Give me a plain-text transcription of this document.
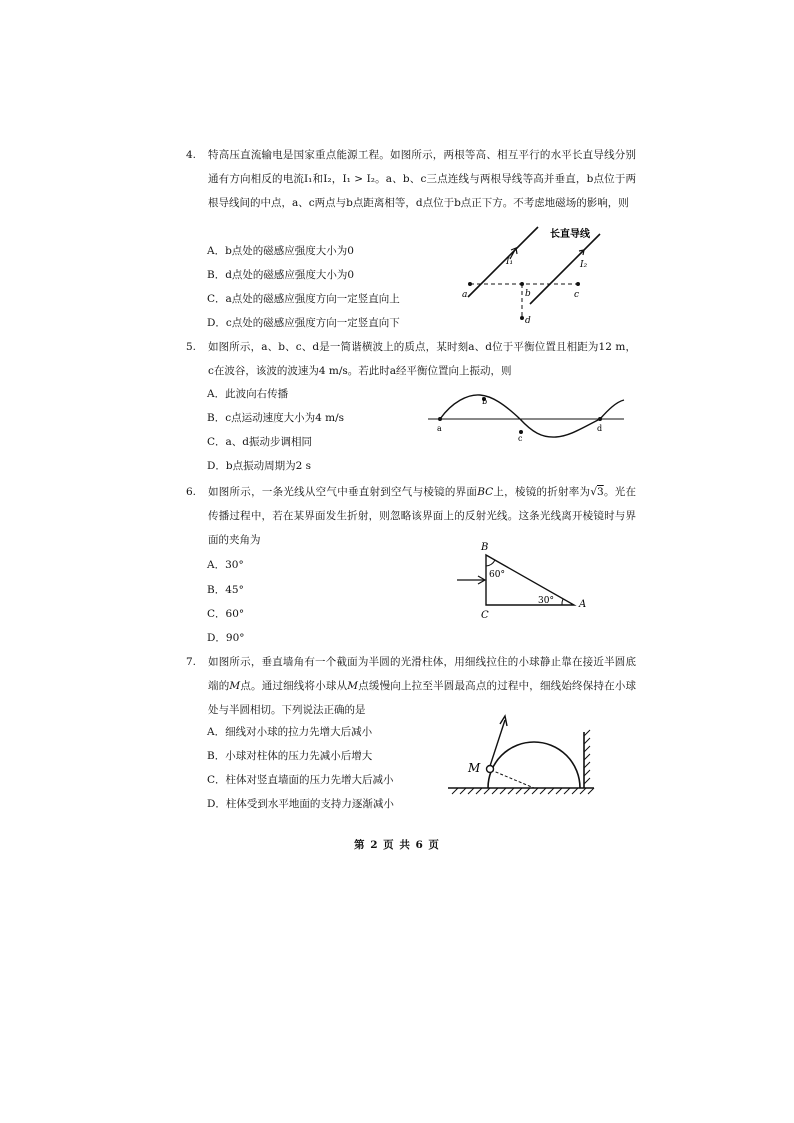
4. 特高压直流输电是国家重点能源工程。如图所示，两根等高、相互平行的水平长直导线分别通有方向相反的电流I₁和I₂，I₁ > I₂。a、b、c三点连线与两根导线等高并垂直，b点位于两根导线间的中点，a、c两点与b点距离相等，d点位于b点正下方。不考虑地磁场的影响，则
A．b点处的磁感应强度大小为0
B．d点处的磁感应强度大小为0
C．a点处的磁感应强度方向一定竖直向上
D．c点处的磁感应强度方向一定竖直向下
长直导线
I₁	I₂
a	b	c
d
5. 如图所示，a、b、c、d是一简谐横波上的质点，某时刻a、d位于平衡位置且相距为12 m，c在波谷，该波的波速为4 m/s。若此时a经平衡位置向上振动，则
A．此波向右传播
B．c点运动速度大小为4 m/s
C．a、d振动步调相同
D．b点振动周期为2 s
a
b
c
d
6. 如图所示，一条光线从空气中垂直射到空气与棱镜的界面BC上，棱镜的折射率为√3。光在传播过程中，若在某界面发生折射，则忽略该界面上的反射光线。这条光线离开棱镜时与界面的夹角为
A．30°
B．45°
C．60°
D．90°
B
C
A
60°
30°
7. 如图所示，垂直墙角有一个截面为半圆的光滑柱体，用细线拉住的小球静止靠在接近半圆底端的M点。通过细线将小球从M点缓慢向上拉至半圆最高点的过程中，细线始终保持在小球处与半圆相切。下列说法正确的是
A．细线对小球的拉力先增大后减小
B．小球对柱体的压力先减小后增大
C．柱体对竖直墙面的压力先增大后减小
D．柱体受到水平地面的支持力逐渐减小
M
第 2 页 共 6 页
